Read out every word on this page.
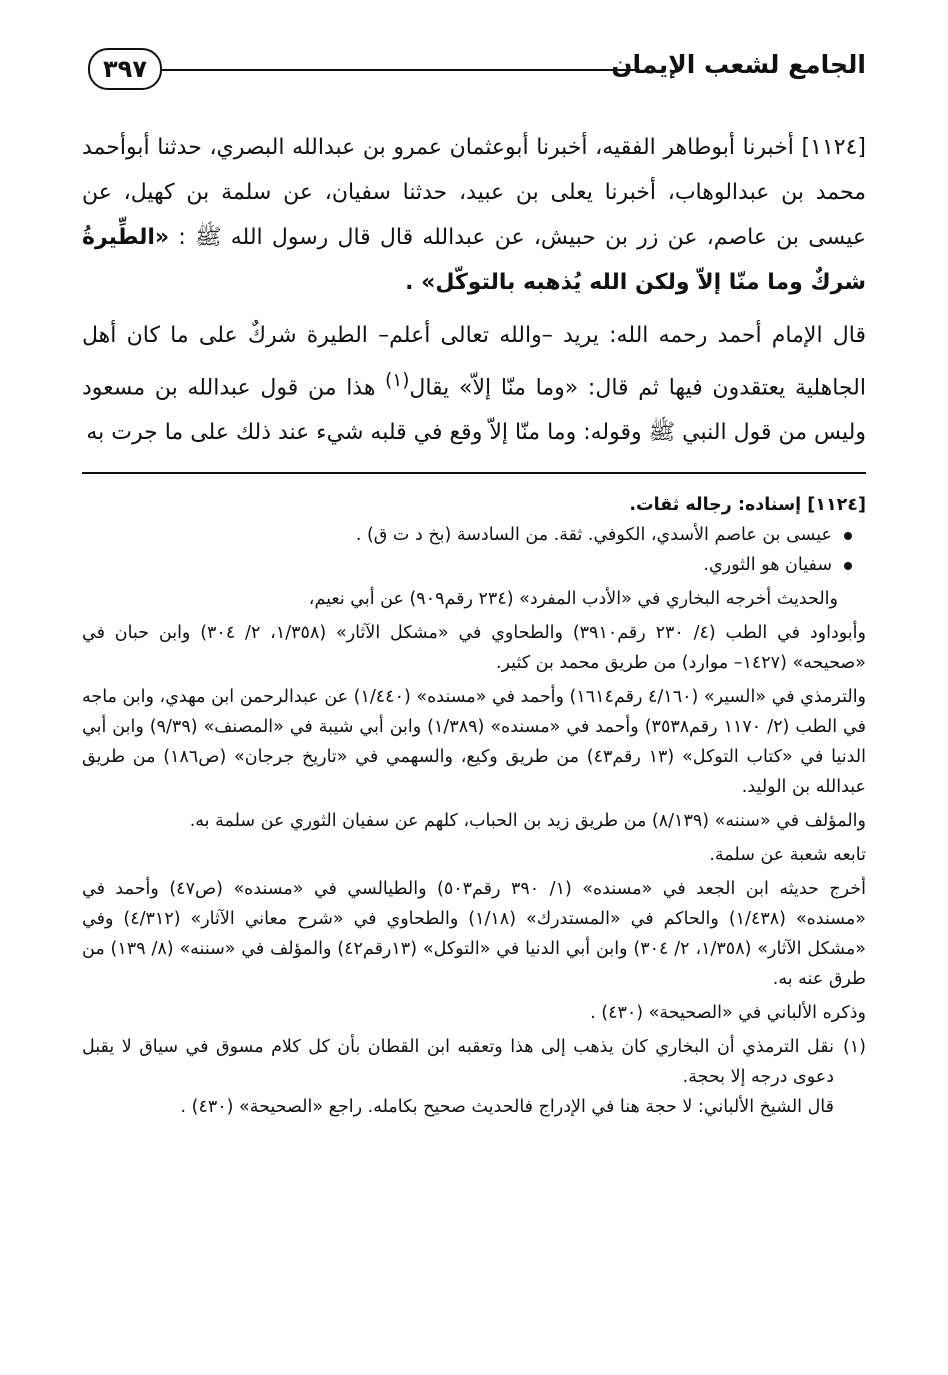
الجامع لشعب الإيمان
٣٩٧

[١١٢٤] أخبرنا أبوطاهر الفقيه، أخبرنا أبوعثمان عمرو بن عبدالله البصري، حدثنا أبوأحمد محمد بن عبدالوهاب، أخبرنا يعلى بن عبيد، حدثنا سفيان، عن سلمة بن كهيل، عن عيسى بن عاصم، عن زر بن حبيش، عن عبدالله قال قال رسول الله ﷺ : «الطِّيرةُ شركٌ وما منّا إلاّ ولكن الله يُذهبه بالتوكّل» .

قال الإمام أحمد رحمه الله: يريد –والله تعالى أعلم– الطيرة شركٌ على ما كان أهل الجاهلية يعتقدون فيها ثم قال: «وما منّا إلاّ» يقال$^{(١)}$ هذا من قول عبدالله بن مسعود وليس من قول النبي ﷺ وقوله: وما منّا إلاّ وقع في قلبه شيء عند ذلك على ما جرت به

[١١٢٤] إسناده: رجاله ثقات.

عيسى بن عاصم الأسدي، الكوفي. ثقة. من السادسة (بخ د ت ق) .
سفيان هو الثوري.

والحديث أخرجه البخاري في «الأدب المفرد» (٢٣٤ رقم٩٠٩) عن أبي نعيم،

وأبوداود في الطب (٤/ ٢٣٠ رقم٣٩١٠) والطحاوي في «مشكل الآثار» (١/٣٥٨، ٢/ ٣٠٤) وابن حبان في «صحيحه» (١٤٢٧– موارد) من طريق محمد بن كثير.

والترمذي في «السير» (٤/١٦٠ رقم١٦١٤) وأحمد في «مسنده» (١/٤٤٠) عن عبدالرحمن ابن مهدي، وابن ماجه في الطب (٢/ ١١٧٠ رقم٣٥٣٨) وأحمد في «مسنده» (١/٣٨٩) وابن أبي شيبة في «المصنف» (٩/٣٩) وابن أبي الدنيا في «كتاب التوكل» (١٣ رقم٤٣) من طريق وكيع، والسهمي في «تاريخ جرجان» (ص١٨٦) من طريق عبدالله بن الوليد.

والمؤلف في «سننه» (٨/١٣٩) من طريق زيد بن الحباب، كلهم عن سفيان الثوري عن سلمة به.

تابعه شعبة عن سلمة.

أخرج حديثه ابن الجعد في «مسنده» (١/ ٣٩٠ رقم٥٠٣) والطيالسي في «مسنده» (ص٤٧) وأحمد في «مسنده» (١/٤٣٨) والحاكم في «المستدرك» (١/١٨) والطحاوي في «شرح معاني الآثار» (٤/٣١٢) وفي «مشكل الآثار» (١/٣٥٨، ٢/ ٣٠٤) وابن أبي الدنيا في «التوكل» (١٣رقم٤٢) والمؤلف في «سننه» (٨/ ١٣٩) من طرق عنه به.

وذكره الألباني في «الصحيحة» (٤٣٠) .

(١)

نقل الترمذي أن البخاري كان يذهب إلى هذا وتعقبه ابن القطان بأن كل كلام مسوق في سياق لا يقبل دعوى درجه إلا بحجة.

قال الشيخ الألباني: لا حجة هنا في الإدراج فالحديث صحيح بكامله. راجع «الصحيحة» (٤٣٠) .
